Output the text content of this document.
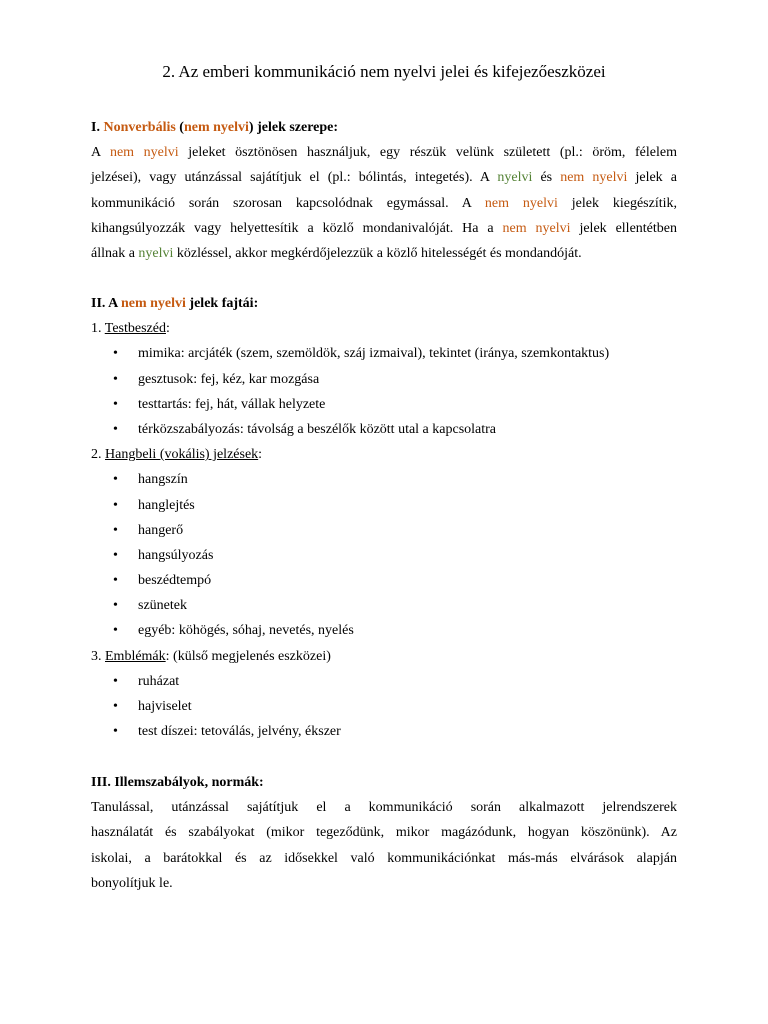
2. Az emberi kommunikáció nem nyelvi jelei és kifejezőeszközei
I. Nonverbális (nem nyelvi) jelek szerepe:
A nem nyelvi jeleket ösztönösen használjuk, egy részük velünk született (pl.: öröm, félelem
jelzései), vagy utánzással sajátítjuk el (pl.: bólintás, integetés). A nyelvi és nem nyelvi jelek a
kommunikáció során szorosan kapcsolódnak egymással. A nem nyelvi jelek kiegészítik,
kihangsúlyozzák vagy helyettesítik a közlő mondanivalóját. Ha a nem nyelvi jelek ellentétben
állnak a nyelvi közléssel, akkor megkérdőjelezzük a közlő hitelességét és mondandóját.
II. A nem nyelvi jelek fajtái:
1. Testbeszéd:
• mimika: arcjáték (szem, szemöldök, száj izmaival), tekintet (iránya, szemkontaktus)
• gesztusok: fej, kéz, kar mozgása
• testtartás: fej, hát, vállak helyzete
• térközszabályozás: távolság a beszélők között utal a kapcsolatra
2. Hangbeli (vokális) jelzések:
• hangszín
• hanglejtés
• hangerő
• hangsúlyozás
• beszédtempó
• szünetek
• egyéb: köhögés, sóhaj, nevetés, nyelés
3. Emblémák: (külső megjelenés eszközei)
• ruházat
• hajviselet
• test díszei: tetoválás, jelvény, ékszer
III. Illemszabályok, normák:
Tanulással, utánzással sajátítjuk el a kommunikáció során alkalmazott jelrendszerek
használatát és szabályokat (mikor tegeződünk, mikor magázódunk, hogyan köszönünk). Az
iskolai, a barátokkal és az idősekkel való kommunikációnkat más-más elvárások alapján
bonyolítjuk le.
